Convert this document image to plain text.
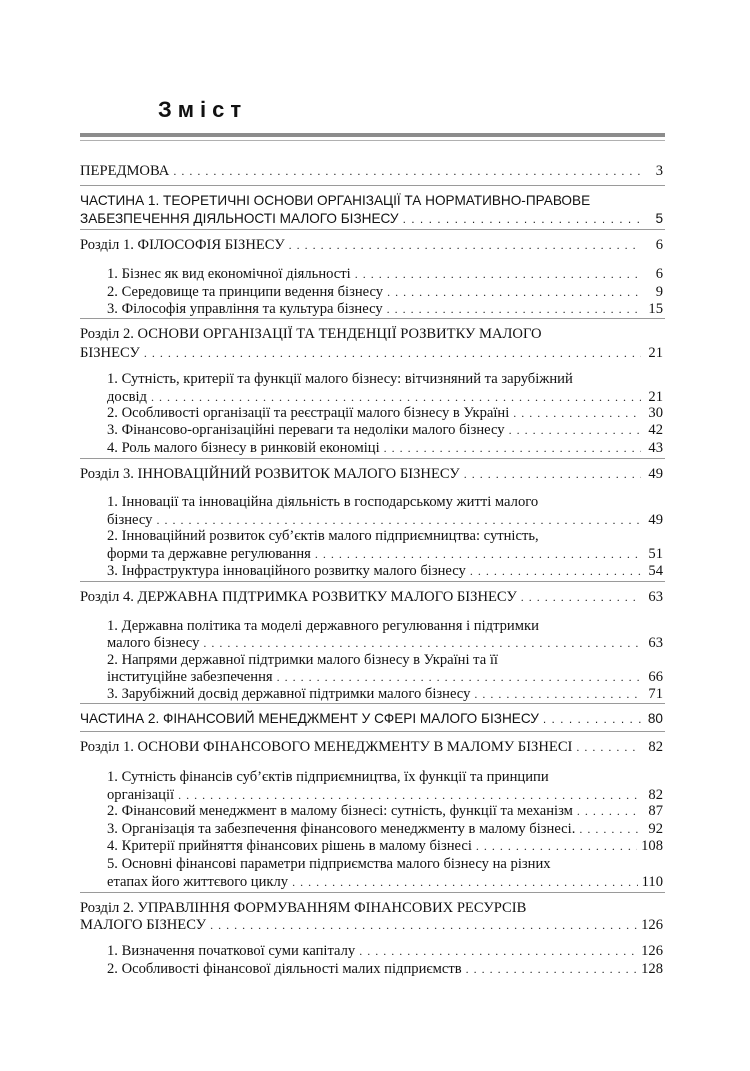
Зміст
ПЕРЕДМОВА . . .	3
ЧАСТИНА 1. ТЕОРЕТИЧНІ ОСНОВИ ОРГАНІЗАЦІЇ ТА НОРМАТИВНО-ПРАВОВЕ
ЗАБЕЗПЕЧЕННЯ ДІЯЛЬНОСТІ МАЛОГО БІЗНЕСУ . . .	5
Розділ 1. ФІЛОСОФІЯ БІЗНЕСУ . . .	6
1. Бізнес як вид економічної діяльності . . .	6
2. Середовище та принципи ведення бізнесу . . .	9
3. Філософія управління та культура бізнесу . . .	15
Розділ 2. ОСНОВИ ОРГАНІЗАЦІЇ ТА ТЕНДЕНЦІЇ РОЗВИТКУ МАЛОГО
БІЗНЕСУ . . .	21
1. Сутність, критерії та функції малого бізнесу: вітчизняний та зарубіжний
досвід . . .	21
2. Особливості організації та реєстрації малого бізнесу в Україні . . .	30
3. Фінансово-організаційні переваги та недоліки малого бізнесу . . .	42
4. Роль малого бізнесу в ринковій економіці . . .	43
Розділ 3. ІННОВАЦІЙНИЙ РОЗВИТОК МАЛОГО БІЗНЕСУ . . .	49
1. Інновації та інноваційна діяльність в господарському житті малого
бізнесу . . .	49
2. Інноваційний розвиток суб’єктів малого підприємництва: сутність,
форми та державне регулювання . . .	51
3. Інфраструктура інноваційного розвитку малого бізнесу . . .	54
Розділ 4. ДЕРЖАВНА ПІДТРИМКА РОЗВИТКУ МАЛОГО БІЗНЕСУ . . .	63
1. Державна політика та моделі державного регулювання і підтримки
малого бізнесу . . .	63
2. Напрями державної підтримки малого бізнесу в Україні та її
інституційне забезпечення . . .	66
3. Зарубіжний досвід державної підтримки малого бізнесу . . .	71
ЧАСТИНА 2. ФІНАНСОВИЙ МЕНЕДЖМЕНТ У СФЕРІ МАЛОГО БІЗНЕСУ . . .	80
Розділ 1. ОСНОВИ ФІНАНСОВОГО МЕНЕДЖМЕНТУ В МАЛОМУ БІЗНЕСІ . . .	82
1. Сутність фінансів суб’єктів підприємництва, їх функції та принципи
організації . . .	82
2. Фінансовий менеджмент в малому бізнесі: сутність, функції та механізм . . .	87
3. Організація та забезпечення фінансового менеджменту в малому бізнесі. . . .	92
4. Критерії прийняття фінансових рішень в малому бізнесі . . .	108
5. Основні фінансові параметри підприємства малого бізнесу на різних
етапах його життєвого циклу . . .	110
Розділ 2. УПРАВЛІННЯ ФОРМУВАННЯМ ФІНАНСОВИХ РЕСУРСІВ
МАЛОГО БІЗНЕСУ . . .	126
1. Визначення початкової суми капіталу . . .	126
2. Особливості фінансової діяльності малих підприємств . . .	128
